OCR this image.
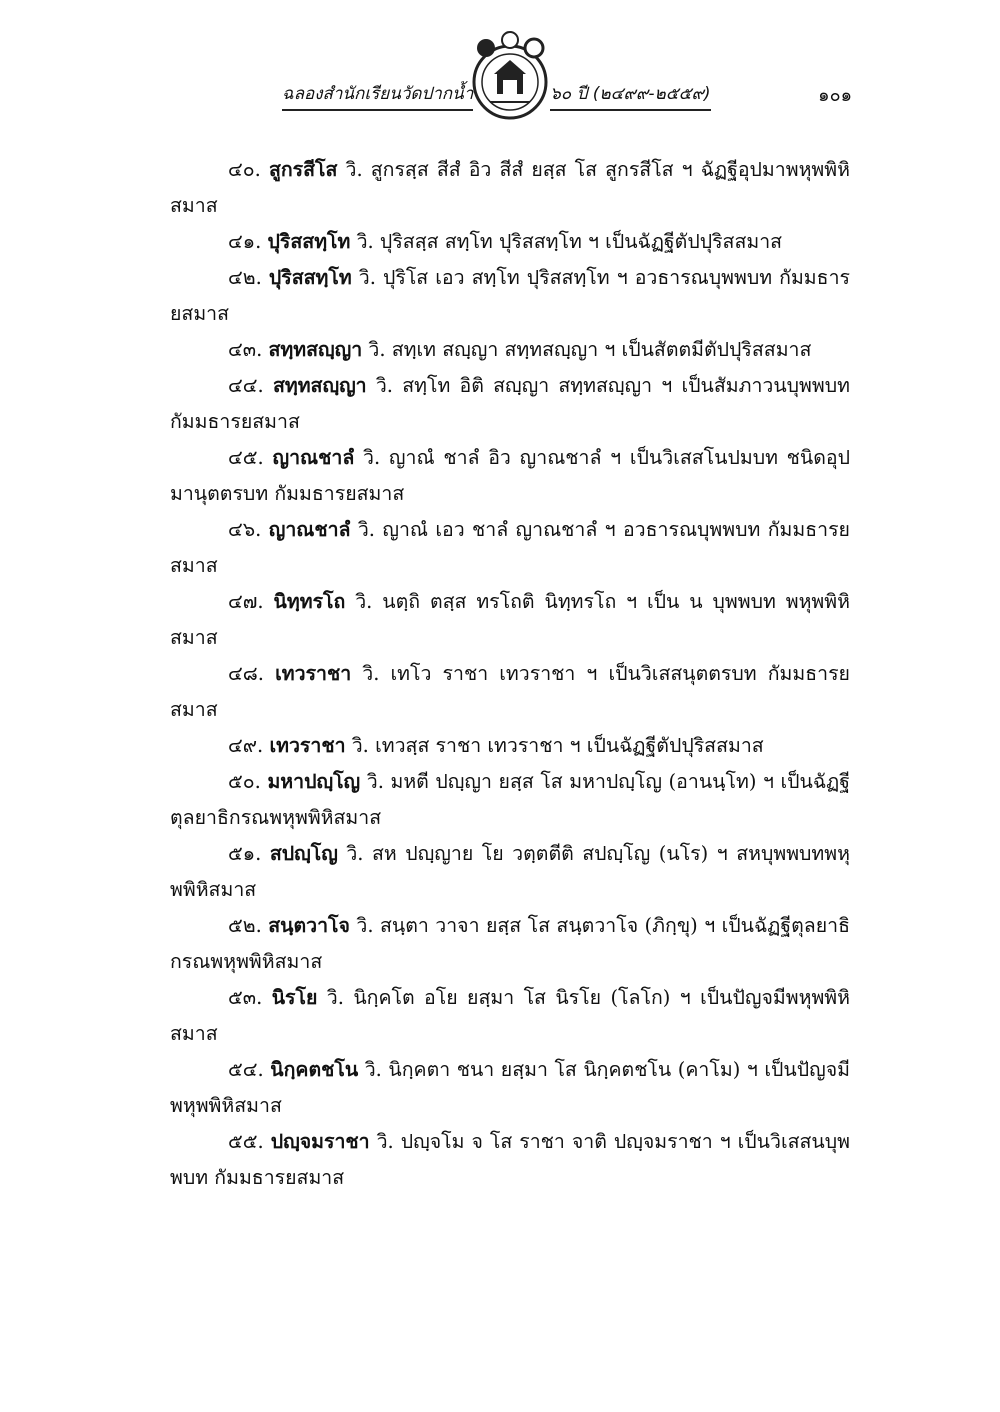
ฉลองสำนักเรียนวัดปากน้ำ	๖๐ ปี (๒๔๙๙-๒๕๕๙)	๑๐๑

๔๐. สูกรสีโส วิ. สูกรสฺส สีสํ อิว สีสํ ยสฺส โส สูกรสีโส ฯ ฉัฏฐีอุปมาพหุพพิหิสมาส

๔๑. ปุริสสทฺโท วิ. ปุริสสฺส สทฺโท ปุริสสทฺโท ฯ เป็นฉัฏฐีตัปปุริสสมาส

๔๒. ปุริสสทฺโท วิ. ปุริโส เอว สทฺโท ปุริสสทฺโท ฯ อวธารณบุพพบท กัมมธารยสมาส

๔๓. สทฺทสญฺญา วิ. สทฺเท สญฺญา สทฺทสญฺญา ฯ เป็นสัตตมีตัปปุริสสมาส

๔๔. สทฺทสญฺญา วิ. สทฺโท อิติ สญฺญา สทฺทสญฺญา ฯ เป็นสัมภาวนบุพพบท กัมมธารยสมาส

๔๕. ญาณชาลํ วิ. ญาณํ ชาลํ อิว ญาณชาลํ ฯ เป็นวิเสสโนปมบท ชนิดอุปมานุตตรบท กัมมธารยสมาส

๔๖. ญาณชาลํ วิ. ญาณํ เอว ชาลํ ญาณชาลํ ฯ อวธารณบุพพบท กัมมธารยสมาส

๔๗. นิทฺทรโถ วิ. นตฺถิ ตสฺส ทรโถติ นิทฺทรโถ ฯ เป็น น บุพพบท พหุพพิหิสมาส

๔๘. เทวราชา วิ. เทโว ราชา เทวราชา ฯ เป็นวิเสสนุตตรบท กัมมธารยสมาส

๔๙. เทวราชา วิ. เทวสฺส ราชา เทวราชา ฯ เป็นฉัฏฐีตัปปุริสสมาส

๕๐. มหาปญฺโญ วิ. มหตี ปญฺญา ยสฺส โส มหาปญฺโญ (อานนฺโท) ฯ เป็นฉัฏฐีตุลยาธิกรณพหุพพิหิสมาส

๕๑. สปญฺโญ วิ. สห ปญฺญาย โย วตฺตตีติ สปญฺโญ (นโร) ฯ สหบุพพบทพหุพพิหิสมาส

๕๒. สนฺตวาโจ วิ. สนฺตา วาจา ยสฺส โส สนฺตวาโจ (ภิกฺขุ) ฯ เป็นฉัฏฐีตุลยาธิ กรณพหุพพิหิสมาส

๕๓. นิรโย วิ. นิกฺคโต อโย ยสฺมา โส นิรโย (โลโก) ฯ เป็นปัญจมีพหุพพิหิสมาส

๕๔. นิกฺคตชโน วิ. นิกฺคตา ชนา ยสฺมา โส นิกฺคตชโน (คาโม) ฯ เป็นปัญจมีพหุพพิหิสมาส

๕๕. ปญฺจมราชา วิ. ปญฺจโม จ โส ราชา จาติ ปญฺจมราชา ฯ เป็นวิเสสนบุพพบท กัมมธารยสมาส
